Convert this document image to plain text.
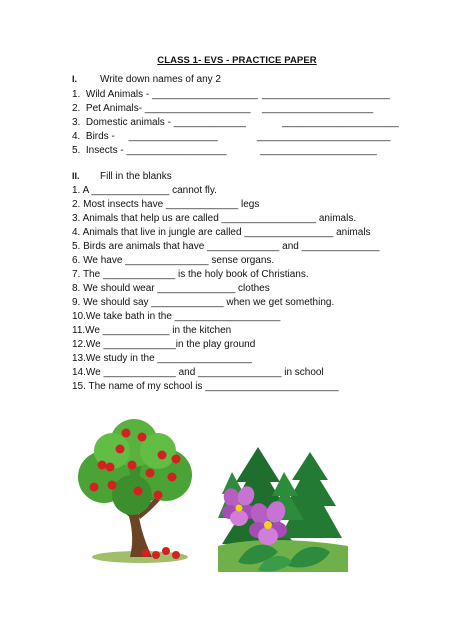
CLASS 1- EVS - PRACTICE PAPER
I. Write down names of any 2
1.  Wild Animals - ___________________ _______________________
2.  Pet Animals- ___________________ ____________________
3.  Domestic animals - _____________	_____________________
4.  Birds -     ________________	________________________
5.  Insects - __________________	_____________________
II. Fill in the blanks
1. A ______________ cannot fly.
2. Most insects have _____________ legs
3. Animals that help us are called _________________ animals.
4. Animals that live in jungle are called ________________ animals
5. Birds are animals that have _____________ and ______________
6. We have _______________ sense organs.
7. The _____________ is the holy book of Christians.
8. We should wear ______________ clothes
9. We should say _____________ when we get something.
10.We take bath in the ___________________
11.We ____________ in the kitchen
12.We _____________in the play ground
13.We study in the _________________
14.We _____________ and _______________ in school
15. The name of my school is ________________________
